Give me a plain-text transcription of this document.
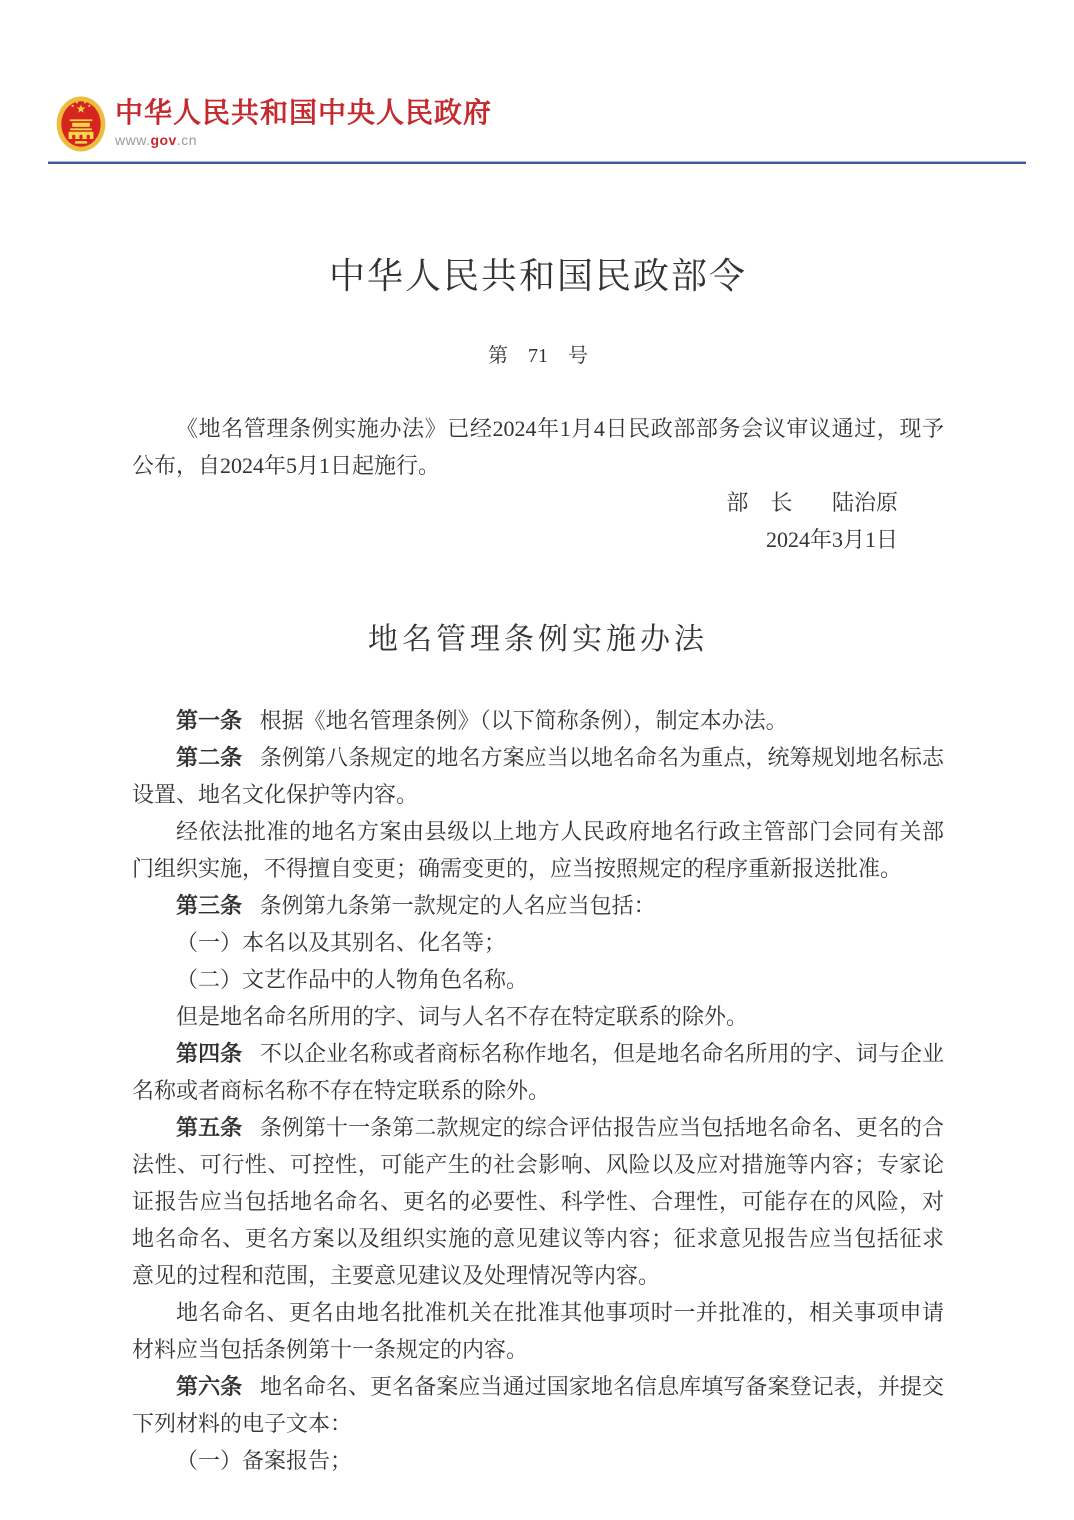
中华人民共和国中央人民政府
www.gov.cn
中华人民共和国民政部令
第　71　号

《地名管理条例实施办法》已经2024年1月4日民政部部务会议审议通过，现予公布，自2024年5月1日起施行。

部　长 陆治原
2024年3月1日
地名管理条例实施办法

第一条 根据《地名管理条例》（以下简称条例），制定本办法。

第二条 条例第八条规定的地名方案应当以地名命名为重点，统筹规划地名标志设置、地名文化保护等内容。

经依法批准的地名方案由县级以上地方人民政府地名行政主管部门会同有关部门组织实施，不得擅自变更；确需变更的，应当按照规定的程序重新报送批准。

第三条 条例第九条第一款规定的人名应当包括：

（一）本名以及其别名、化名等；

（二）文艺作品中的人物角色名称。

但是地名命名所用的字、词与人名不存在特定联系的除外。

第四条 不以企业名称或者商标名称作地名，但是地名命名所用的字、词与企业名称或者商标名称不存在特定联系的除外。

第五条 条例第十一条第二款规定的综合评估报告应当包括地名命名、更名的合法性、可行性、可控性，可能产生的社会影响、风险以及应对措施等内容；专家论证报告应当包括地名命名、更名的必要性、科学性、合理性，可能存在的风险，对地名命名、更名方案以及组织实施的意见建议等内容；征求意见报告应当包括征求意见的过程和范围，主要意见建议及处理情况等内容。

地名命名、更名由地名批准机关在批准其他事项时一并批准的，相关事项申请材料应当包括条例第十一条规定的内容。

第六条 地名命名、更名备案应当通过国家地名信息库填写备案登记表，并提交下列材料的电子文本：

（一）备案报告；
